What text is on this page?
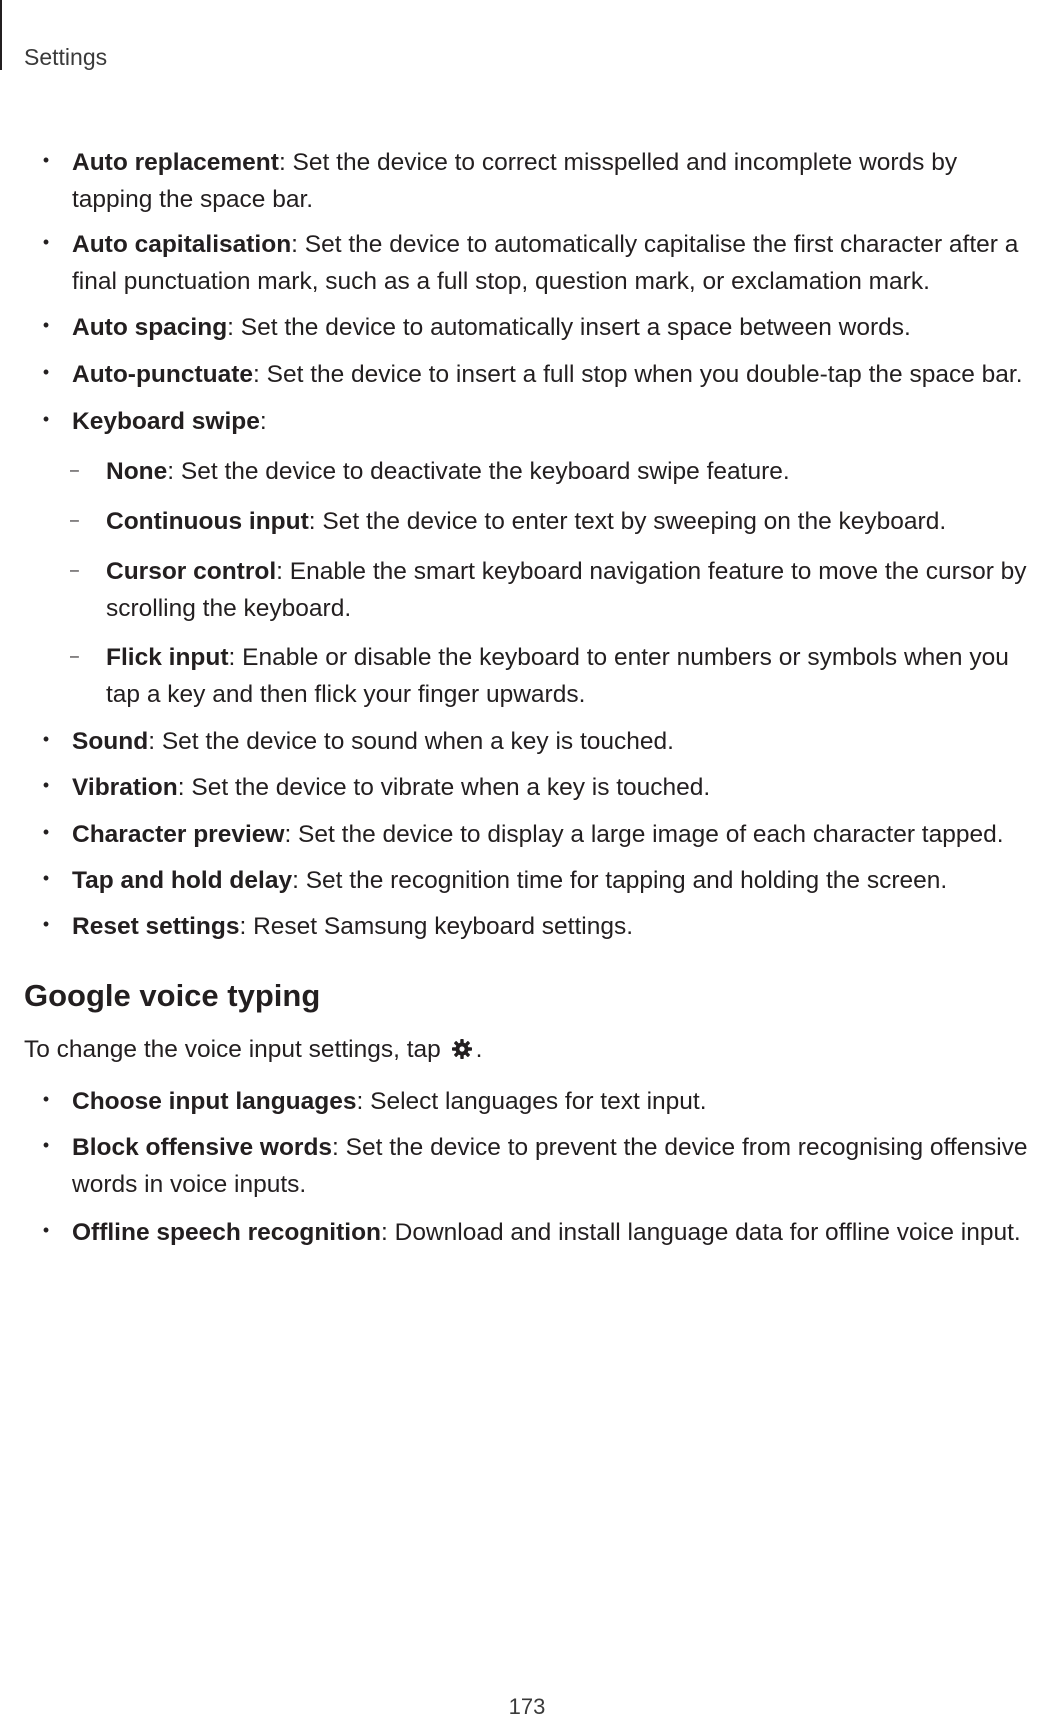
Settings
• Auto replacement: Set the device to correct misspelled and incomplete words by
tapping the space bar.
• Auto capitalisation: Set the device to automatically capitalise the first character after a
final punctuation mark, such as a full stop, question mark, or exclamation mark.
• Auto spacing: Set the device to automatically insert a space between words.
• Auto-punctuate: Set the device to insert a full stop when you double-tap the space bar.
• Keyboard swipe:
– None: Set the device to deactivate the keyboard swipe feature.
– Continuous input: Set the device to enter text by sweeping on the keyboard.
– Cursor control: Enable the smart keyboard navigation feature to move the cursor by
scrolling the keyboard.
– Flick input: Enable or disable the keyboard to enter numbers or symbols when you
tap a key and then flick your finger upwards.
• Sound: Set the device to sound when a key is touched.
• Vibration: Set the device to vibrate when a key is touched.
• Character preview: Set the device to display a large image of each character tapped.
• Tap and hold delay: Set the recognition time for tapping and holding the screen.
• Reset settings: Reset Samsung keyboard settings.
Google voice typing
To change the voice input settings, tap .
• Choose input languages: Select languages for text input.
• Block offensive words: Set the device to prevent the device from recognising offensive
words in voice inputs.
• Offline speech recognition: Download and install language data for offline voice input.
173
